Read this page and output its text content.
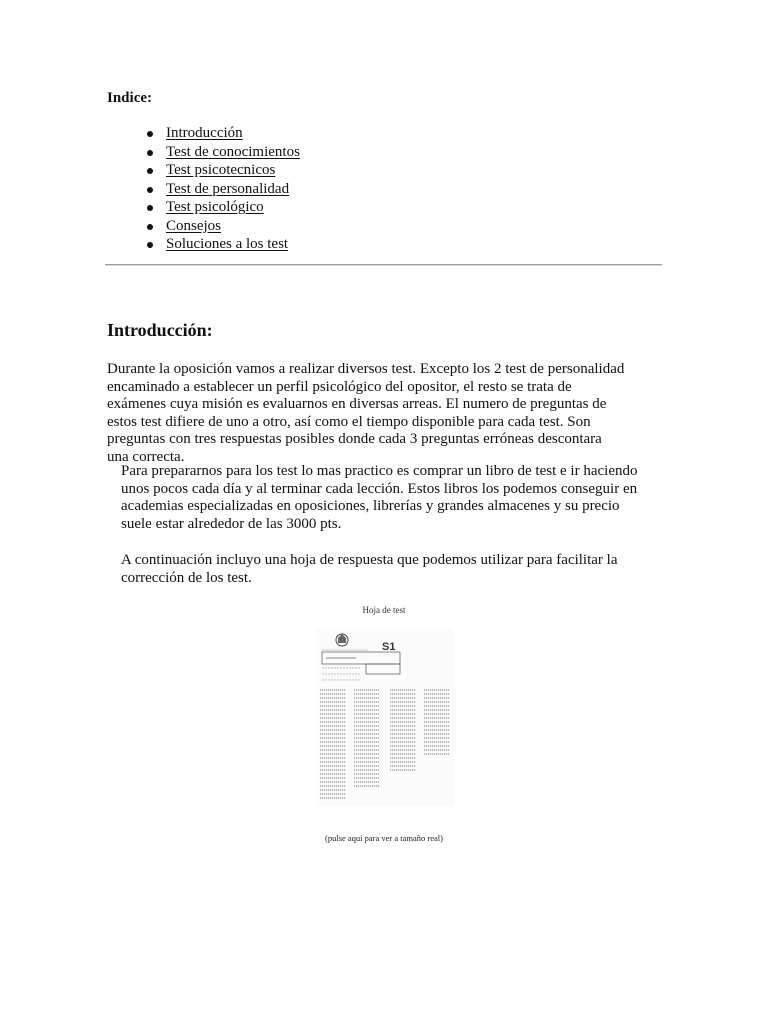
Indice:
Introducción
Test de conocimientos
Test psicotecnicos
Test de personalidad
Test psicológico
Consejos
Soluciones a los test
Introducción:

Durante la oposición vamos a realizar diversos test. Excepto los 2 test de personalidad encaminado a establecer un perfil psicológico del opositor, el resto se trata de exámenes cuya misión es evaluarnos en diversas arreas. El numero de preguntas de estos test difiere de uno a otro, así como el tiempo disponible para cada test. Son preguntas con tres respuestas posibles donde cada 3 preguntas erróneas descontara una correcta.

Para prepararnos para los test lo mas practico es comprar un libro de test e ir haciendo unos pocos cada día y al terminar cada lección. Estos libros los podemos conseguir en academias especializadas en oposiciones, librerías y grandes almacenes y su precio suele estar alrededor de las 3000 pts.

A continuación incluyo una hoja de respuesta que podemos utilizar para facilitar la corrección de los test.

Hoja de test
S1
(pulse aquí para ver a tamaño real)
